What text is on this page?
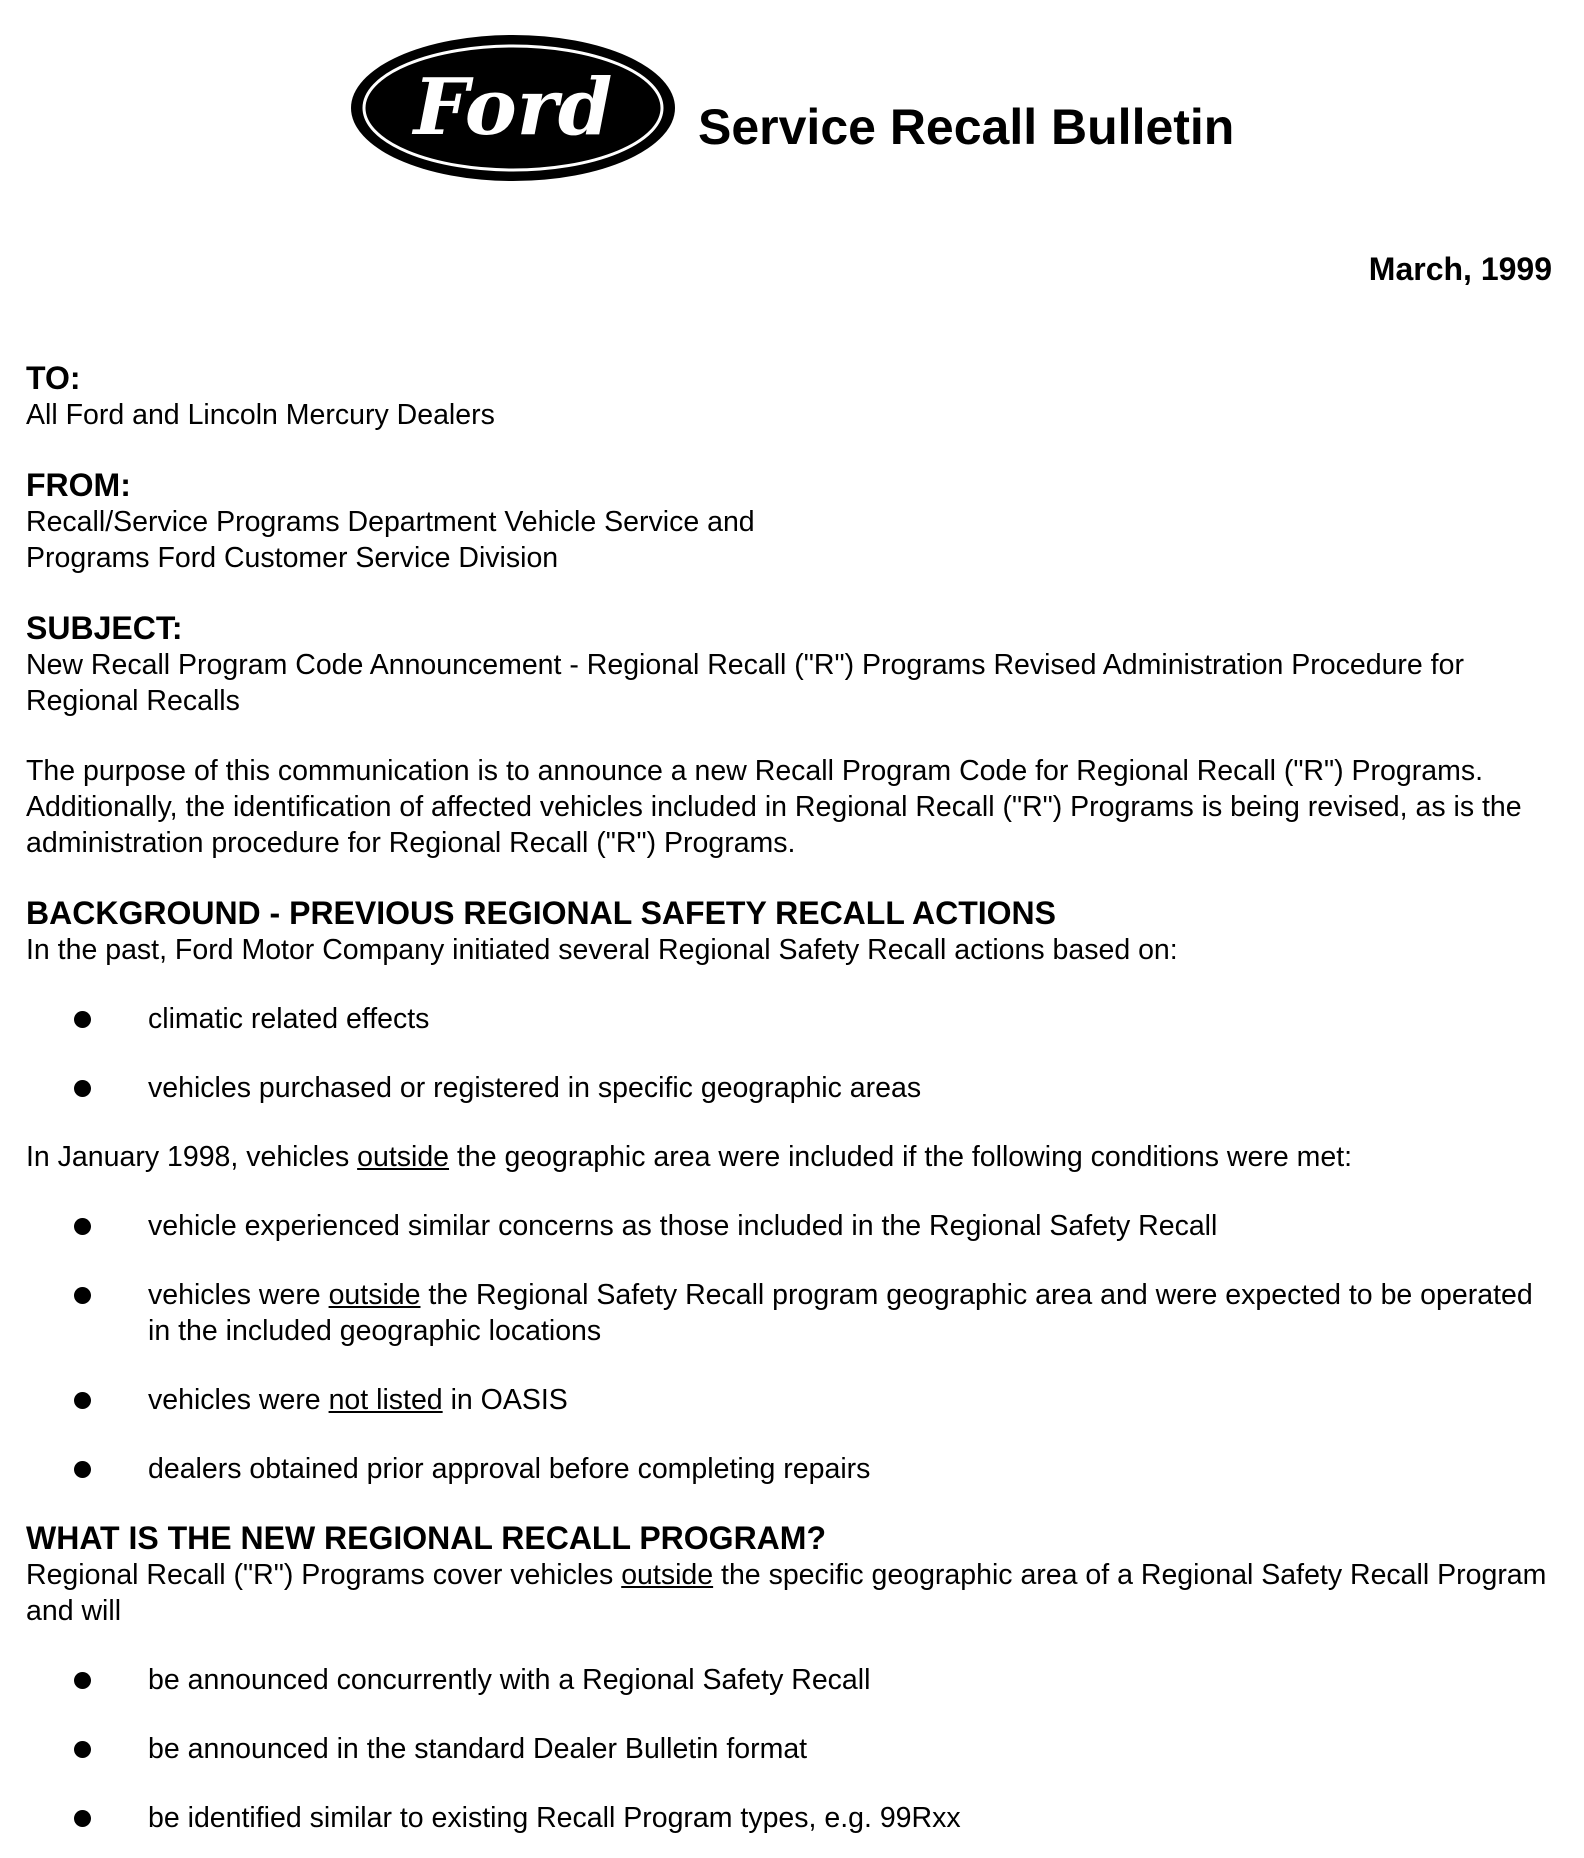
Ford Service Recall Bulletin
March, 1999

TO:

All Ford and Lincoln Mercury Dealers

FROM:

Recall/Service Programs Department Vehicle Service and

Programs Ford Customer Service Division

SUBJECT:

New Recall Program Code Announcement - Regional Recall ("R") Programs Revised Administration Procedure for Regional Recalls

The purpose of this communication is to announce a new Recall Program Code for Regional Recall ("R") Programs. Additionally, the identification of affected vehicles included in Regional Recall ("R") Programs is being revised, as is the administration procedure for Regional Recall ("R") Programs.

BACKGROUND - PREVIOUS REGIONAL SAFETY RECALL ACTIONS

In the past, Ford Motor Company initiated several Regional Safety Recall actions based on:

climatic related effects
vehicles purchased or registered in specific geographic areas

In January 1998, vehicles outside the geographic area were included if the following conditions were met:

vehicle experienced similar concerns as those included in the Regional Safety Recall
vehicles were outside the Regional Safety Recall program geographic area and were expected to be operated in the included geographic locations
vehicles were not listed in OASIS
dealers obtained prior approval before completing repairs

WHAT IS THE NEW REGIONAL RECALL PROGRAM?

Regional Recall ("R") Programs cover vehicles outside the specific geographic area of a Regional Safety Recall Program and will

be announced concurrently with a Regional Safety Recall
be announced in the standard Dealer Bulletin format
be identified similar to existing Recall Program types, e.g. 99Rxx
